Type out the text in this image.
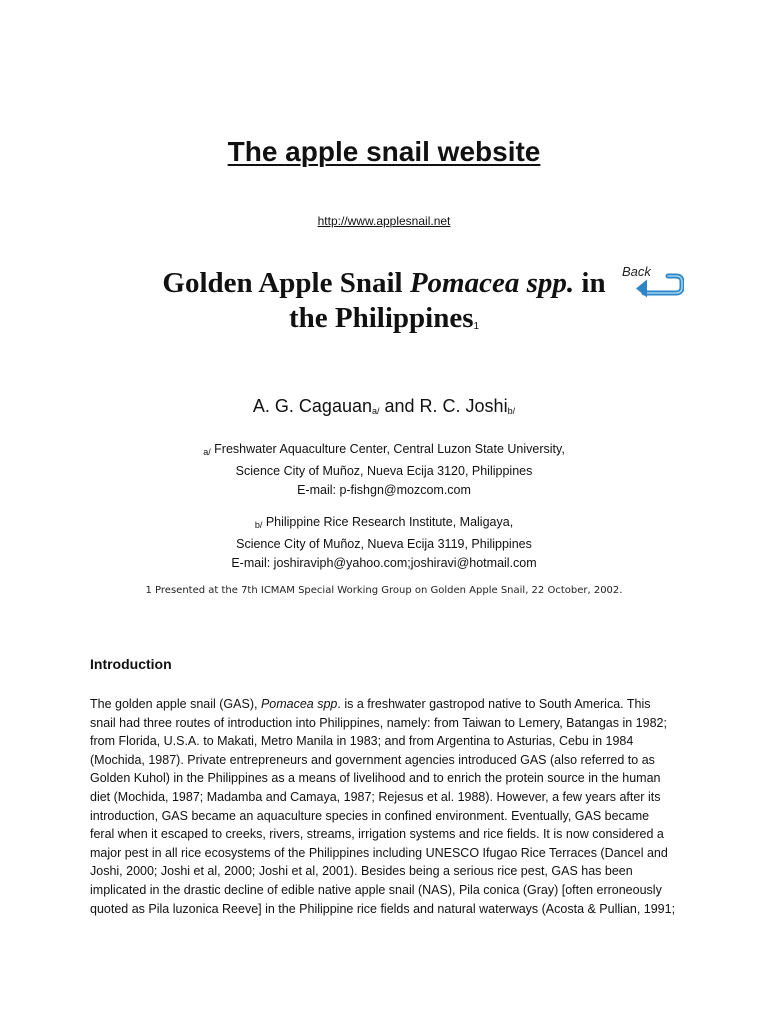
The apple snail website
http://www.applesnail.net
Golden Apple Snail Pomacea spp. in
the Philippines1
Back
A. G. Cagauan$_{a/}$ and R. C. Joshi$_{b/}$
a/ Freshwater Aquaculture Center, Central Luzon State University,
Science City of Muñoz, Nueva Ecija 3120, Philippines
E-mail: p-fishgn@mozcom.com
b/ Philippine Rice Research Institute, Maligaya,
Science City of Muñoz, Nueva Ecija 3119, Philippines
E-mail: joshiraviph@yahoo.com;joshiravi@hotmail.com
1 Presented at the 7th ICMAM Special Working Group on Golden Apple Snail, 22 October, 2002.
Introduction

The golden apple snail (GAS), Pomacea spp. is a freshwater gastropod native to South America. This
snail had three routes of introduction into Philippines, namely: from Taiwan to Lemery, Batangas in 1982;
from Florida, U.S.A. to Makati, Metro Manila in 1983; and from Argentina to Asturias, Cebu in 1984
(Mochida, 1987). Private entrepreneurs and government agencies introduced GAS (also referred to as
Golden Kuhol) in the Philippines as a means of livelihood and to enrich the protein source in the human
diet (Mochida, 1987; Madamba and Camaya, 1987; Rejesus et al. 1988). However, a few years after its
introduction, GAS became an aquaculture species in confined environment. Eventually, GAS became
feral when it escaped to creeks, rivers, streams, irrigation systems and rice fields. It is now considered a
major pest in all rice ecosystems of the Philippines including UNESCO Ifugao Rice Terraces (Dancel and
Joshi, 2000; Joshi et al, 2000; Joshi et al, 2001). Besides being a serious rice pest, GAS has been
implicated in the drastic decline of edible native apple snail (NAS), Pila conica (Gray) [often erroneously
quoted as Pila luzonica Reeve] in the Philippine rice fields and natural waterways (Acosta & Pullian, 1991;
